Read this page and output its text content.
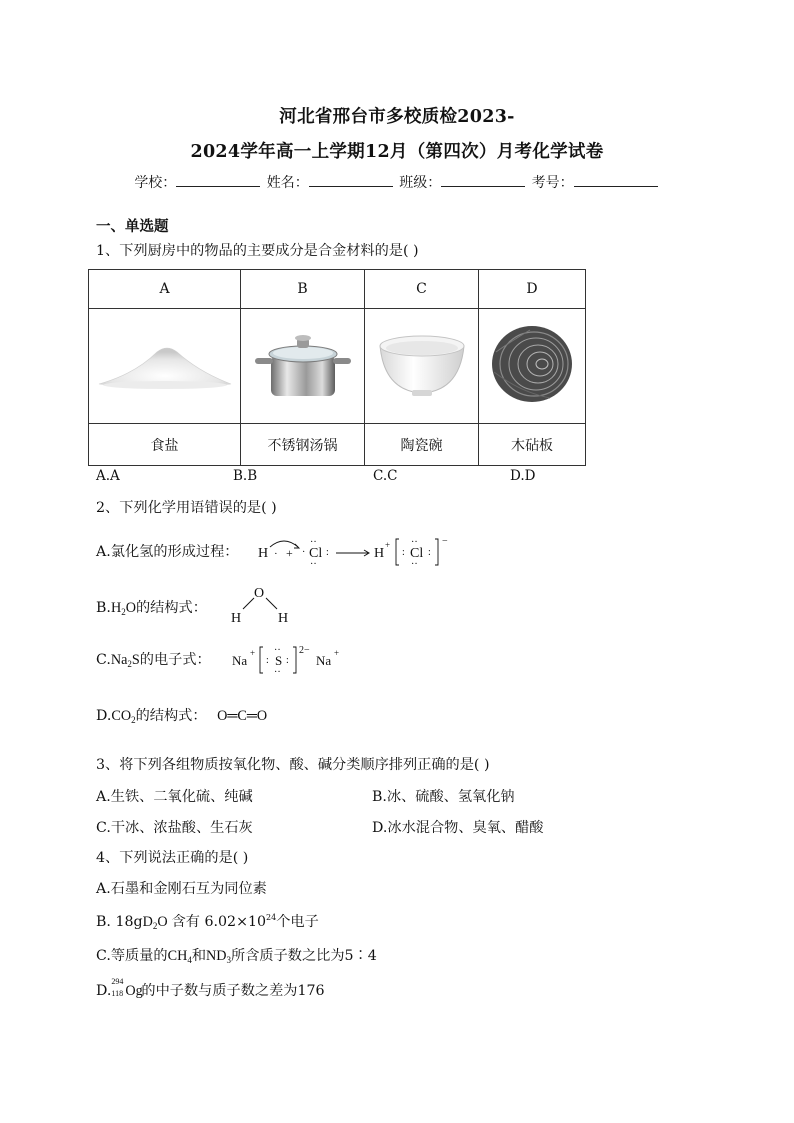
河北省邢台市多校质检2023-
2024学年高一上学期12月（第四次）月考化学试卷
学校：	姓名：	班级：	考号：
一、单选题
1、下列厨房中的物品的主要成分是合金材料的是( )
A	B	C	D

食盐	不锈钢汤锅	陶瓷碗	木砧板
A.A	B.B	C.C	D.D
2、下列化学用语错误的是( )
A.氯化氢的形成过程： H · + · Cl
··
··
:	H
+
: Cl
··
··
:
−
$B.H_2O$的结构式：
O
H	H
$C.Na_2S$的电子式： Na +
: S
··
··
:
2−
Na +
$D.CO_2$的结构式： O═C═O
3、将下列各组物质按氧化物、酸、碱分类顺序排列正确的是( )
A.生铁、二氧化硫、纯碱	B.冰、硫酸、氢氧化钠
C.干冰、浓盐酸、生石灰	D.冰水混合物、臭氧、醋酸
4、下列说法正确的是( )
A.石墨和金刚石互为同位素
B. $18gD_2O$ 含有 $6.02\times 10^{24}$个电子
C.等质量的$CH_4$和$ND_3$所含质子数之比为5∶4
D.
294
118 Og的中子数与质子数之差为176
